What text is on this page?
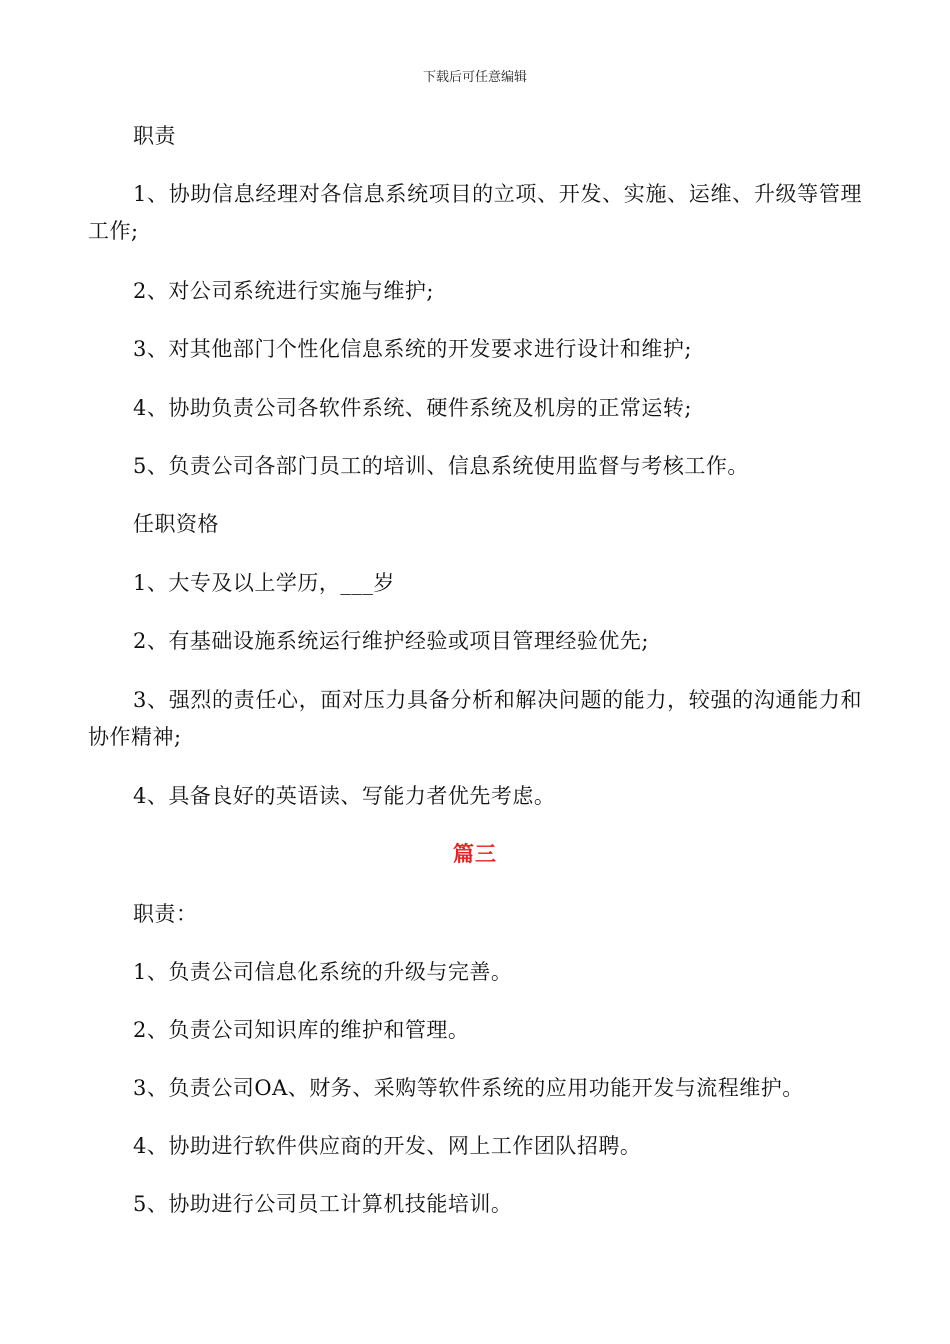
下载后可任意编辑
职责
1、协助信息经理对各信息系统项目的立项、开发、实施、运维、升级等管理工作;
2、对公司系统进行实施与维护;
3、对其他部门个性化信息系统的开发要求进行设计和维护;
4、协助负责公司各软件系统、硬件系统及机房的正常运转;
5、负责公司各部门员工的培训、信息系统使用监督与考核工作。
任职资格
1、大专及以上学历，___岁
2、有基础设施系统运行维护经验或项目管理经验优先;
3、强烈的责任心，面对压力具备分析和解决问题的能力，较强的沟通能力和协作精神;
4、具备良好的英语读、写能力者优先考虑。
篇三
职责：
1、负责公司信息化系统的升级与完善。
2、负责公司知识库的维护和管理。
3、负责公司OA、财务、采购等软件系统的应用功能开发与流程维护。
4、协助进行软件供应商的开发、网上工作团队招聘。
5、协助进行公司员工计算机技能培训。
